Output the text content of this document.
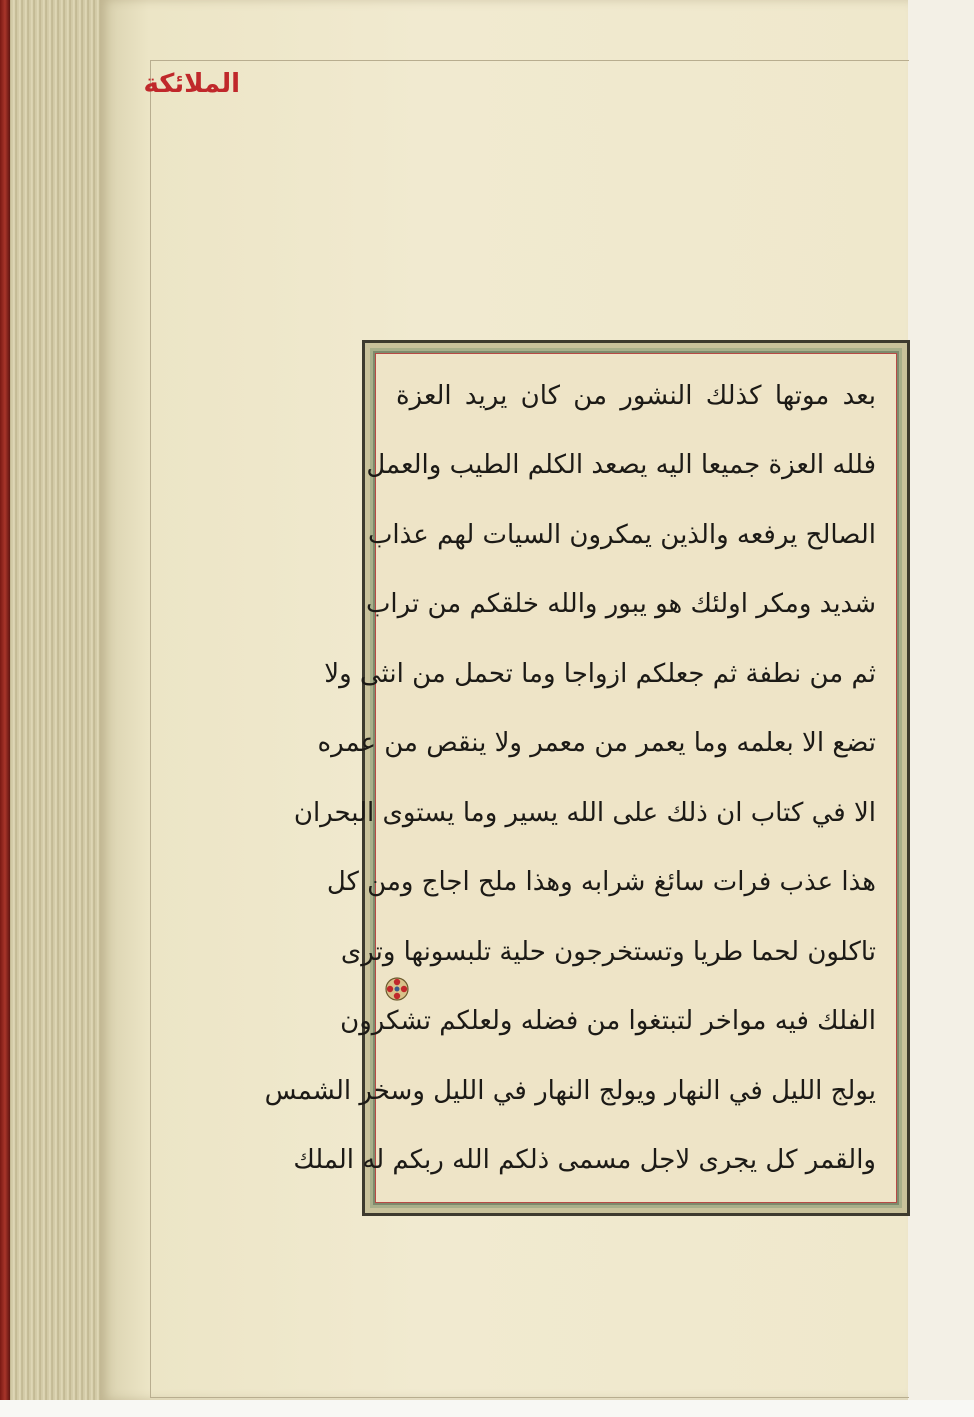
الملائكة
بعد موتها كذلك النشور من كان يريد العزة
فلله العزة جميعا اليه يصعد الكلم الطيب والعمل
الصالح يرفعه والذين يمكرون السيات لهم عذاب
شديد ومكر اولئك هو يبور والله خلقكم من تراب
ثم من نطفة ثم جعلكم ازواجا وما تحمل من انثى ولا
تضع الا بعلمه وما يعمر من معمر ولا ينقص من عمره
الا في كتاب ان ذلك على الله يسير وما يستوى البحران
هذا عذب فرات سائغ شرابه وهذا ملح اجاج ومن كل
تاكلون لحما طريا وتستخرجون حلية تلبسونها وترى
الفلك فيه مواخر لتبتغوا من فضله ولعلكم تشكرون
يولج الليل في النهار ويولج النهار في الليل وسخر الشمس
والقمر كل يجرى لاجل مسمى ذلكم الله ربكم له الملك
